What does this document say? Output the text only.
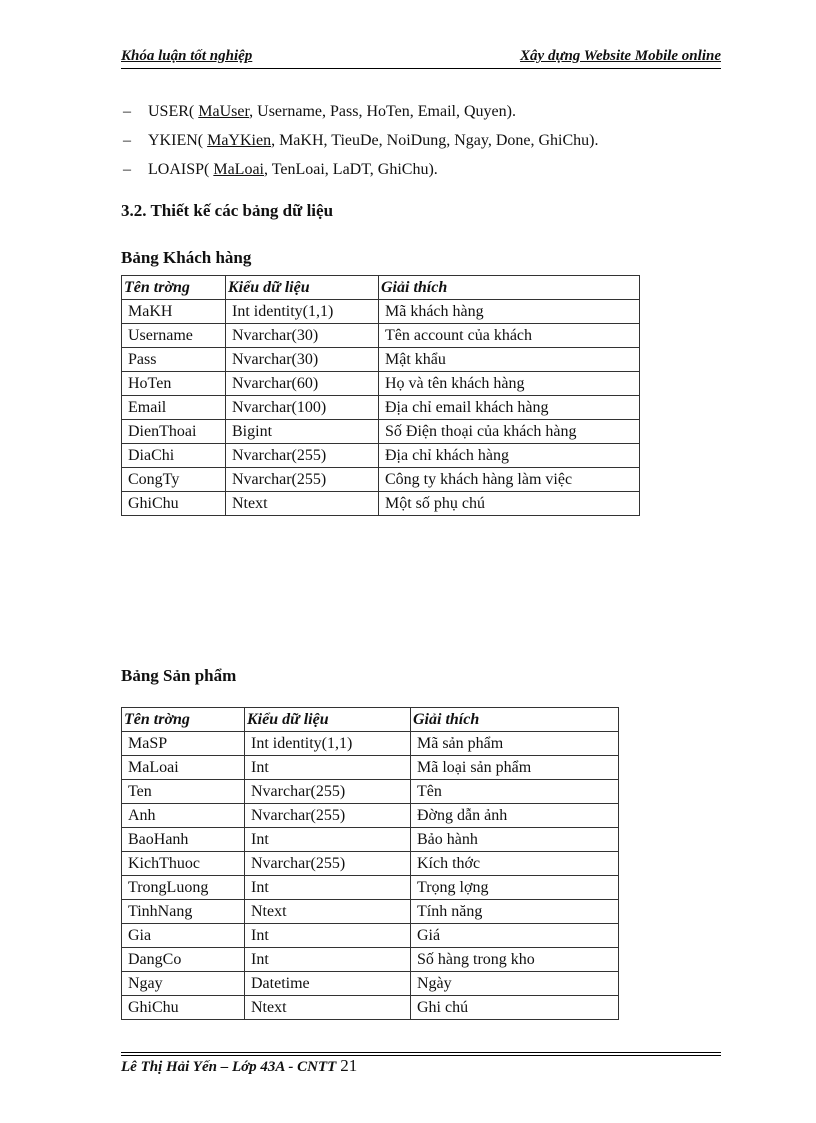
Khóa luận tốt nghiệp	Xây dựng Website Mobile online
– USER( MaUser, Username, Pass, HoTen, Email, Quyen).
– YKIEN( MaYKien, MaKH, TieuDe, NoiDung, Ngay, Done, GhiChu).
– LOAISP( MaLoai, TenLoai, LaDT, GhiChu).
3.2. Thiết kế các bảng dữ liệu
Bảng Khách hàng
Tên trờng	Kiểu dữ liệu	Giải thích
MaKH	Int identity(1,1)	Mã khách hàng
Username	Nvarchar(30)	Tên account của khách
Pass	Nvarchar(30)	Mật khẩu
HoTen	Nvarchar(60)	Họ và tên khách hàng
Email	Nvarchar(100)	Địa chỉ email khách hàng
DienThoai	Bigint	Số Điện thoại của khách hàng
DiaChi	Nvarchar(255)	Địa chỉ khách hàng
CongTy	Nvarchar(255)	Công ty khách hàng làm việc
GhiChu	Ntext	Một số phụ chú
Bảng Sản phẩm
Tên trờng	Kiểu dữ liệu	Giải thích
MaSP	Int identity(1,1)	Mã sản phẩm
MaLoai	Int	Mã loại sản phẩm
Ten	Nvarchar(255)	Tên
Anh	Nvarchar(255)	Đờng dẫn ảnh
BaoHanh	Int	Bảo hành
KichThuoc	Nvarchar(255)	Kích thớc
TrongLuong	Int	Trọng lợng
TinhNang	Ntext	Tính năng
Gia	Int	Giá
DangCo	Int	Số hàng trong kho
Ngay	Datetime	Ngày
GhiChu	Ntext	Ghi chú
Lê Thị Hải Yến – Lớp 43A - CNTT 21
